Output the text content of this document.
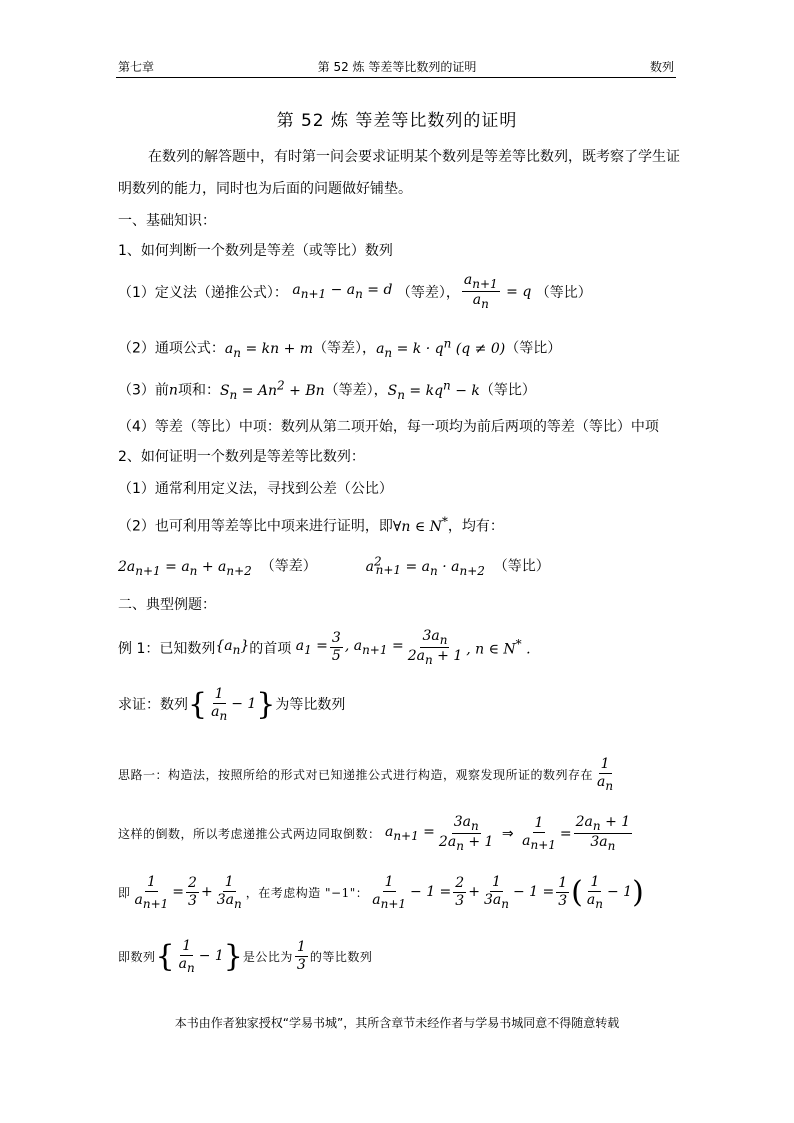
第七章	第 52 炼 等差等比数列的证明	数列
第 52 炼 等差等比数列的证明
在数列的解答题中，有时第一问会要求证明某个数列是等差等比数列，既考察了学生证
明数列的能力，同时也为后面的问题做好铺垫。
一、基础知识：
1、如何判断一个数列是等差（或等比）数列
（1）定义法（递推公式）： $a_{n+1} - a_n = d$ （等差）， $\frac{a_{n+1}}{a_n} = q$ （等比）
（2）通项公式：$a_n$ = kn + m（等差），$a_n = k \cdot q^n$ (q ≠ 0)（等比）
（3）前n项和：$S_n = An^2 + Bn$（等差），$S_n = kq^n - k$（等比）
（4）等差（等比）中项：数列从第二项开始，每一项均为前后两项的等差（等比）中项
2、如何证明一个数列是等差等比数列：
（1）通常利用定义法，寻找到公差（公比）
（2）也可利用等差等比中项来进行证明，即∀n ∈ N*，均有：
$2a_{n+1} = a_n + a_{n+2}$ （等差）	$a^2_{n+1} = a_n \cdot a_{n+2}$ （等比）
二、典型例题：
例 1：已知数列 $\{a_n\}$ 的首项 $a_1 = \frac{3}{5}$ , $a_{n+1} = \frac{3a_n}{2a_n + 1}$ , n ∈ N* .
求证：数列 { $\frac{1}{a_n} - 1$ } 为等比数列
思路一：构造法，按照所给的形式对已知递推公式进行构造，观察发现所证的数列存在 $\frac{1}{a_n}$
这样的倒数，所以考虑递推公式两边同取倒数： $a_{n+1} = \frac{3a_n}{2a_n + 1}$ ⇒ $\frac{1}{a_{n+1}} = \frac{2a_n + 1}{3a_n}$
即 $\frac{1}{a_{n+1}} = \frac{2}{3} + \frac{1}{3a_n}$ ，在考虑构造 "−1"： $\frac{1}{a_{n+1}} - 1 = \frac{2}{3} + \frac{1}{3a_n} - 1 = \frac{1}{3}$ ( $\frac{1}{a_n} - 1$ )
即数列 { $\frac{1}{a_n} - 1$ } 是公比为 $\frac{1}{3}$ 的等比数列
本书由作者独家授权“学易书城”，其所含章节未经作者与学易书城同意不得随意转载
